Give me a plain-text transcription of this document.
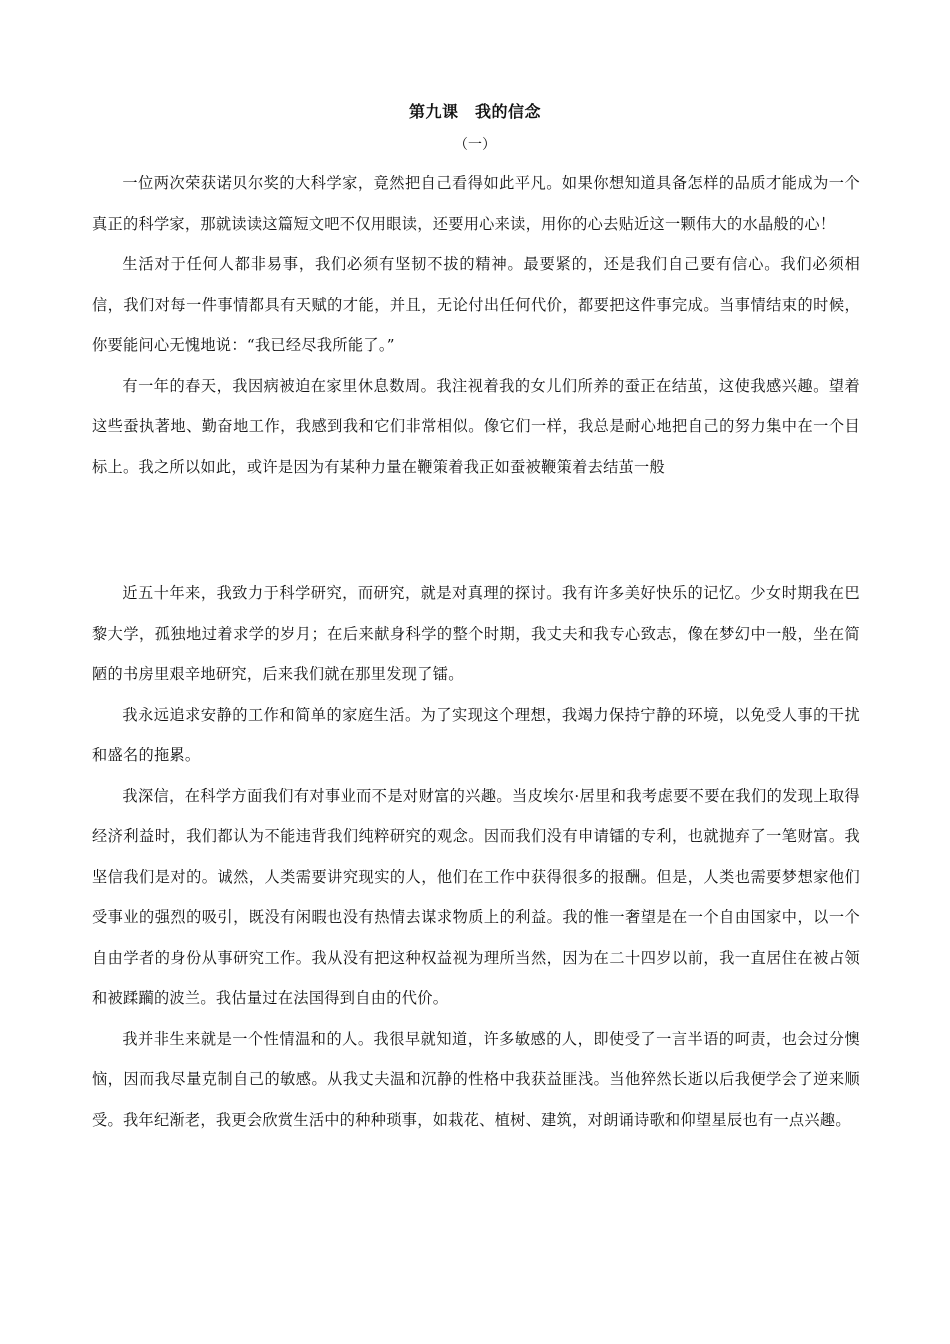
第九课　我的信念
（一）

一位两次荣获诺贝尔奖的大科学家，竟然把自己看得如此平凡。如果你想知道具备怎样的品质才能成为一个真正的科学家，那就读读这篇短文吧不仅用眼读，还要用心来读，用你的心去贴近这一颗伟大的水晶般的心！

生活对于任何人都非易事，我们必须有坚韧不拔的精神。最要紧的，还是我们自己要有信心。我们必须相信，我们对每一件事情都具有天赋的才能，并且，无论付出任何代价，都要把这件事完成。当事情结束的时候，你要能问心无愧地说：“我已经尽我所能了。”

有一年的春天，我因病被迫在家里休息数周。我注视着我的女儿们所养的蚕正在结茧，这使我感兴趣。望着这些蚕执著地、勤奋地工作，我感到我和它们非常相似。像它们一样，我总是耐心地把自己的努力集中在一个目标上。我之所以如此，或许是因为有某种力量在鞭策着我正如蚕被鞭策着去结茧一般

近五十年来，我致力于科学研究，而研究，就是对真理的探讨。我有许多美好快乐的记忆。少女时期我在巴黎大学，孤独地过着求学的岁月；在后来献身科学的整个时期，我丈夫和我专心致志，像在梦幻中一般，坐在简陋的书房里艰辛地研究，后来我们就在那里发现了镭。

我永远追求安静的工作和简单的家庭生活。为了实现这个理想，我竭力保持宁静的环境，以免受人事的干扰和盛名的拖累。

我深信，在科学方面我们有对事业而不是对财富的兴趣。当皮埃尔·居里和我考虑要不要在我们的发现上取得经济利益时，我们都认为不能违背我们纯粹研究的观念。因而我们没有申请镭的专利，也就抛弃了一笔财富。我坚信我们是对的。诚然，人类需要讲究现实的人，他们在工作中获得很多的报酬。但是，人类也需要梦想家他们受事业的强烈的吸引，既没有闲暇也没有热情去谋求物质上的利益。我的惟一奢望是在一个自由国家中，以一个自由学者的身份从事研究工作。我从没有把这种权益视为理所当然，因为在二十四岁以前，我一直居住在被占领和被蹂躏的波兰。我估量过在法国得到自由的代价。

我并非生来就是一个性情温和的人。我很早就知道，许多敏感的人，即使受了一言半语的呵责，也会过分懊恼，因而我尽量克制自己的敏感。从我丈夫温和沉静的性格中我获益匪浅。当他猝然长逝以后我便学会了逆来顺受。我年纪渐老，我更会欣赏生活中的种种琐事，如栽花、植树、建筑，对朗诵诗歌和仰望星辰也有一点兴趣。
